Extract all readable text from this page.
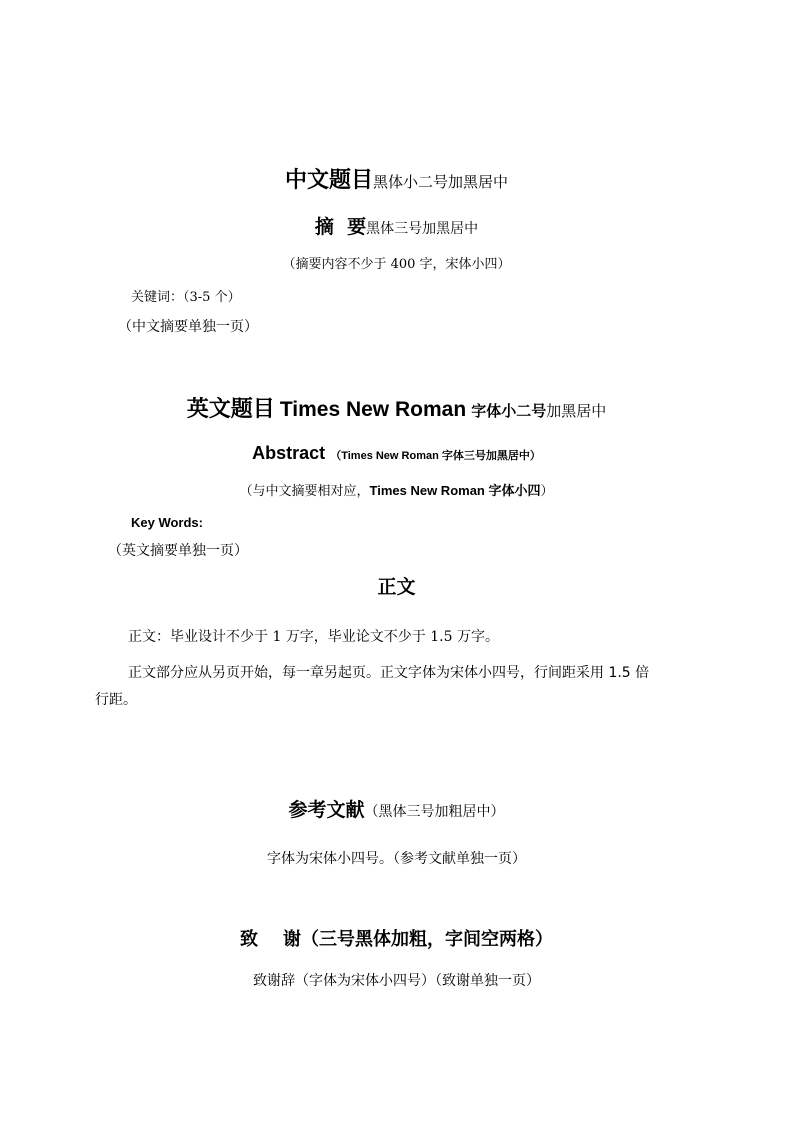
中文题目黑体小二号加黑居中
摘  要黑体三号加黑居中
（摘要内容不少于 400 字，宋体小四）
关键词：（3-5 个）
（中文摘要单独一页）
英文题目 Times New Roman 字体小二号加黑居中
Abstract （Times New Roman 字体三号加黑居中）
（与中文摘要相对应，Times New Roman 字体小四）
Key Words:
（英文摘要单独一页）
正文
正文：毕业设计不少于 1 万字，毕业论文不少于 1.5 万字。
正文部分应从另页开始，每一章另起页。正文字体为宋体小四号，行间距采用 1.5 倍
行距。
参考文献（黑体三号加粗居中）
字体为宋体小四号。（参考文献单独一页）
致    谢（三号黑体加粗，字间空两格）
致谢辞（字体为宋体小四号）（致谢单独一页）
